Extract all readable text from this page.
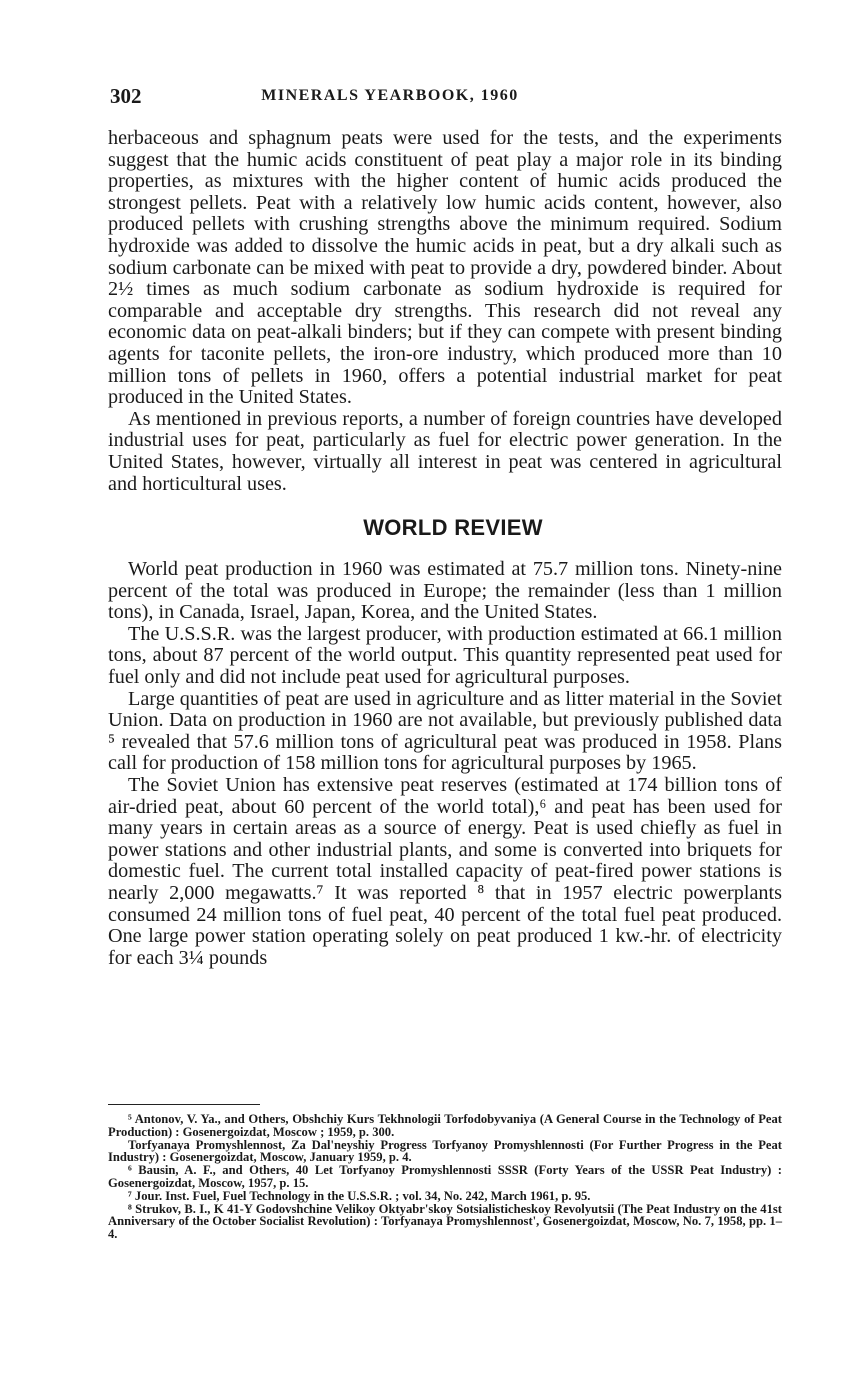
302	MINERALS YEARBOOK, 1960

herbaceous and sphagnum peats were used for the tests, and the experiments suggest that the humic acids constituent of peat play a major role in its binding properties, as mixtures with the higher content of humic acids produced the strongest pellets. Peat with a relatively low humic acids content, however, also produced pellets with crushing strengths above the minimum required. Sodium hydroxide was added to dissolve the humic acids in peat, but a dry alkali such as sodium carbonate can be mixed with peat to provide a dry, powdered binder. About 2½ times as much sodium carbonate as sodium hydroxide is required for comparable and acceptable dry strengths. This research did not reveal any economic data on peat-alkali binders; but if they can compete with present binding agents for taconite pellets, the iron-ore industry, which produced more than 10 million tons of pellets in 1960, offers a potential industrial market for peat produced in the United States.

As mentioned in previous reports, a number of foreign countries have developed industrial uses for peat, particularly as fuel for electric power generation. In the United States, however, virtually all interest in peat was centered in agricultural and horticultural uses.

WORLD REVIEW

World peat production in 1960 was estimated at 75.7 million tons. Ninety-nine percent of the total was produced in Europe; the remainder (less than 1 million tons), in Canada, Israel, Japan, Korea, and the United States.

The U.S.S.R. was the largest producer, with production estimated at 66.1 million tons, about 87 percent of the world output. This quantity represented peat used for fuel only and did not include peat used for agricultural purposes.

Large quantities of peat are used in agriculture and as litter material in the Soviet Union. Data on production in 1960 are not available, but previously published data ⁵ revealed that 57.6 million tons of agricultural peat was produced in 1958. Plans call for production of 158 million tons for agricultural purposes by 1965.

The Soviet Union has extensive peat reserves (estimated at 174 billion tons of air-dried peat, about 60 percent of the world total),⁶ and peat has been used for many years in certain areas as a source of energy. Peat is used chiefly as fuel in power stations and other industrial plants, and some is converted into briquets for domestic fuel. The current total installed capacity of peat-fired power stations is nearly 2,000 megawatts.⁷ It was reported ⁸ that in 1957 electric powerplants consumed 24 million tons of fuel peat, 40 percent of the total fuel peat produced. One large power station operating solely on peat produced 1 kw.-hr. of electricity for each 3¼ pounds

⁵ Antonov, V. Ya., and Others, Obshchiy Kurs Tekhnologii Torfodobyvaniya (A General Course in the Technology of Peat Production) : Gosenergoizdat, Moscow ; 1959, p. 300.

Torfyanaya Promyshlennost, Za Dal'neyshiy Progress Torfyanoy Promyshlennosti (For Further Progress in the Peat Industry) : Gosenergoizdat, Moscow, January 1959, p. 4.

⁶ Bausin, A. F., and Others, 40 Let Torfyanoy Promyshlennosti SSSR (Forty Years of the USSR Peat Industry) : Gosenergoizdat, Moscow, 1957, p. 15.

⁷ Jour. Inst. Fuel, Fuel Technology in the U.S.S.R. ; vol. 34, No. 242, March 1961, p. 95.

⁸ Strukov, B. I., K 41-Y Godovshchine Velikoy Oktyabr'skoy Sotsialisticheskoy Revolyutsii (The Peat Industry on the 41st Anniversary of the October Socialist Revolution) : Torfyanaya Promyshlennost', Gosenergoizdat, Moscow, No. 7, 1958, pp. 1–4.
